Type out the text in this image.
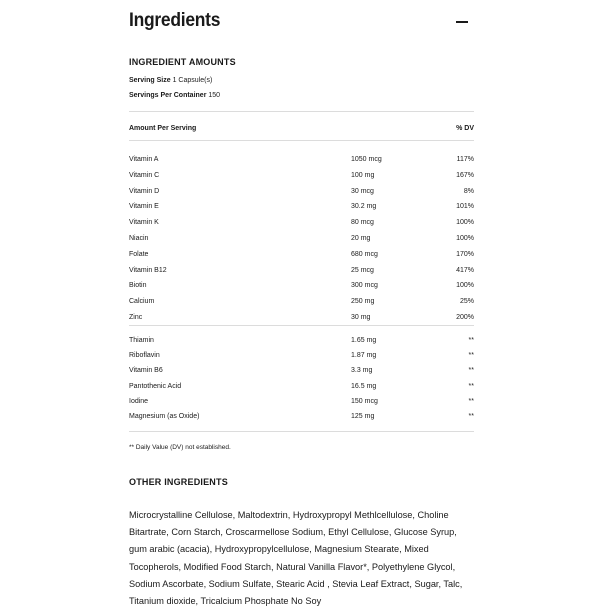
Ingredients
INGREDIENT AMOUNTS
Serving Size 1 Capsule(s)
Servings Per Container 150
Amount Per Serving	% DV
Vitamin A	1050 mcg	117%
Vitamin C	100 mg	167%
Vitamin D	30 mcg	8%
Vitamin E	30.2 mg	101%
Vitamin K	80 mcg	100%
Niacin	20 mg	100%
Folate	680 mcg	170%
Vitamin B12	25 mcg	417%
Biotin	300 mcg	100%
Calcium	250 mg	25%
Zinc	30 mg	200%
Thiamin	1.65 mg	**
Riboflavin	1.87 mg	**
Vitamin B6	3.3 mg	**
Pantothenic Acid	16.5 mg	**
Iodine	150 mcg	**
Magnesium (as Oxide)	125 mg	**
** Daily Value (DV) not established.
OTHER INGREDIENTS
Microcrystalline Cellulose, Maltodextrin, Hydroxypropyl Methlcellulose, Choline Bitartrate, Corn Starch, Croscarmellose Sodium, Ethyl Cellulose, Glucose Syrup, gum arabic (acacia), Hydroxypropylcellulose, Magnesium Stearate, Mixed Tocopherols, Modified Food Starch, Natural Vanilla Flavor*, Polyethylene Glycol, Sodium Ascorbate, Sodium Sulfate, Stearic Acid , Stevia Leaf Extract, Sugar, Talc, Titanium dioxide, Tricalcium Phosphate No Soy
